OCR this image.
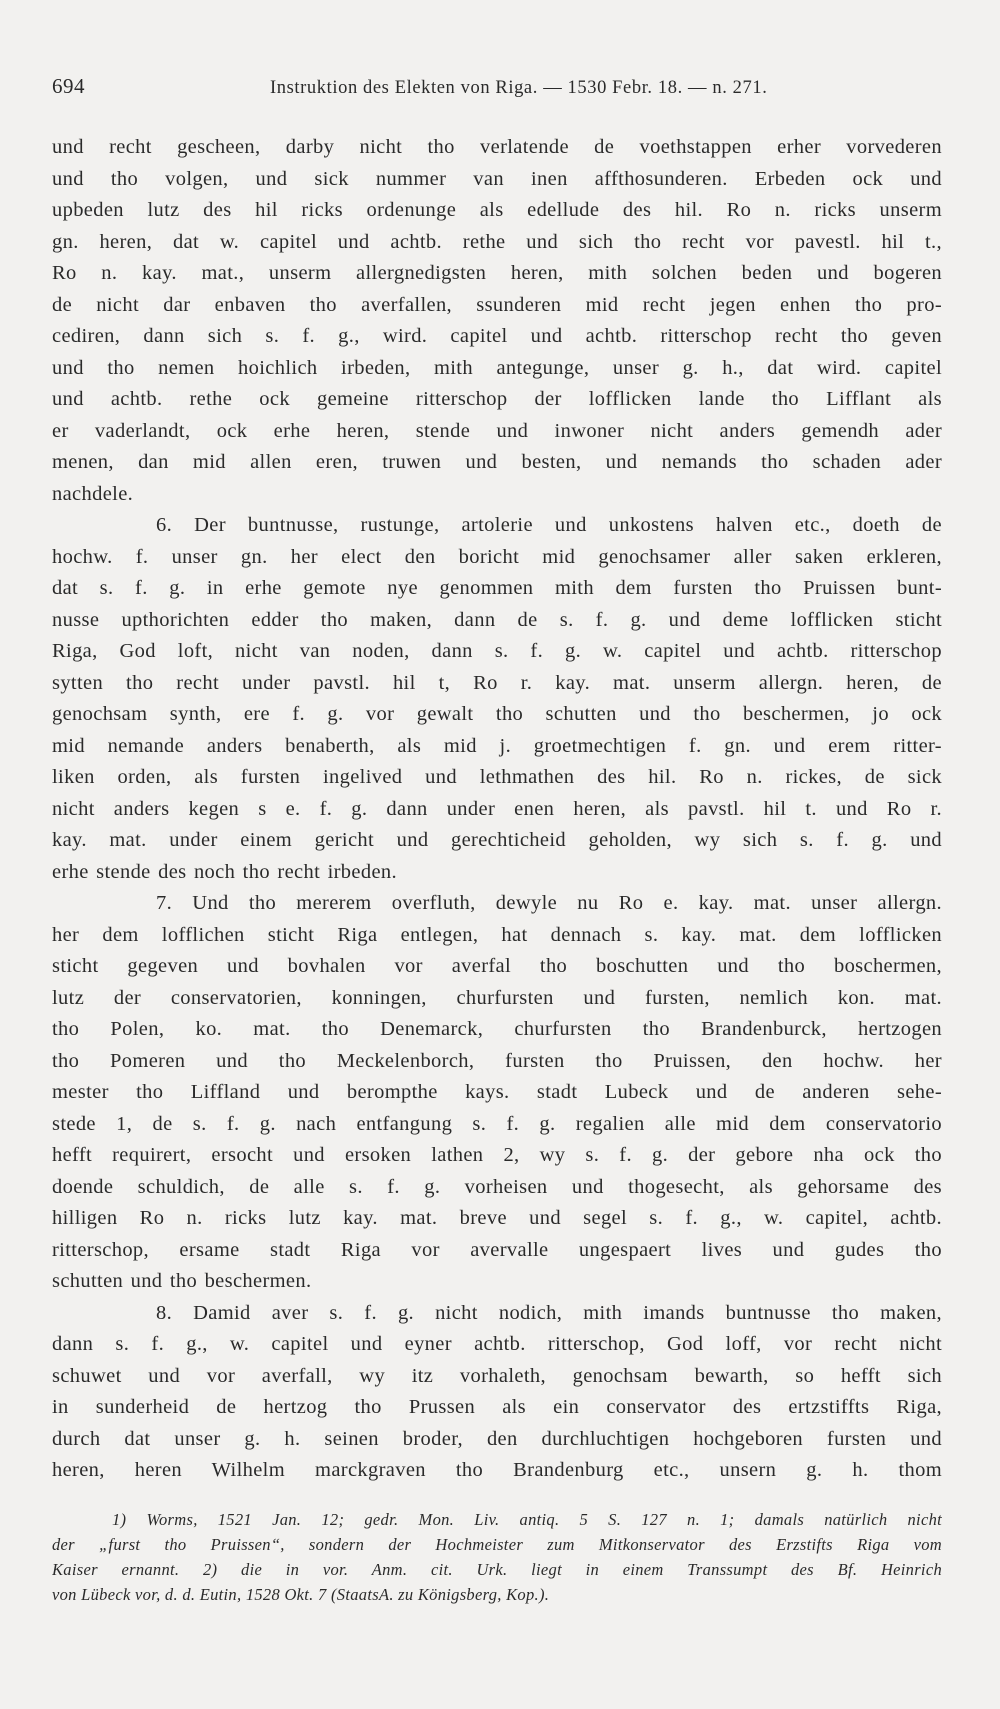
694	Instruktion des Elekten von Riga. — 1530 Febr. 18. — n. 271.
und recht gescheen, darby nicht tho verlatende de voethstappen erher vorvederen
und tho volgen, und sick nummer van inen affthosunderen. Erbeden ock und
upbeden lutz des hil ricks ordenunge als edellude des hil. Ro n. ricks unserm
gn. heren, dat w. capitel und achtb. rethe und sich tho recht vor pavestl. hil t.,
Ro n. kay. mat., unserm allergnedigsten heren, mith solchen beden und bogeren
de nicht dar enbaven tho averfallen, ssunderen mid recht jegen enhen tho pro-
cediren, dann sich s. f. g., wird. capitel und achtb. ritterschop recht tho geven
und tho nemen hoichlich irbeden, mith antegunge, unser g. h., dat wird. capitel
und achtb. rethe ock gemeine ritterschop der lofflicken lande tho Lifflant als
er vaderlandt, ock erhe heren, stende und inwoner nicht anders gemendh ader
menen, dan mid allen eren, truwen und besten, und nemands tho schaden ader
nachdele.
6. Der buntnusse, rustunge, artolerie und unkostens halven etc., doeth de
hochw. f. unser gn. her elect den boricht mid genochsamer aller saken erkleren,
dat s. f. g. in erhe gemote nye genommen mith dem fursten tho Pruissen bunt-
nusse upthorichten edder tho maken, dann de s. f. g. und deme lofflicken sticht
Riga, God loft, nicht van noden, dann s. f. g. w. capitel und achtb. ritterschop
sytten tho recht under pavstl. hil t, Ro r. kay. mat. unserm allergn. heren, de
genochsam synth, ere f. g. vor gewalt tho schutten und tho beschermen, jo ock
mid nemande anders benaberth, als mid j. groetmechtigen f. gn. und erem ritter-
liken orden, als fursten ingelived und lethmathen des hil. Ro n. rickes, de sick
nicht anders kegen s e. f. g. dann under enen heren, als pavstl. hil t. und Ro r.
kay. mat. under einem gericht und gerechticheid geholden, wy sich s. f. g. und
erhe stende des noch tho recht irbeden.
7. Und tho mererem overfluth, dewyle nu Ro e. kay. mat. unser allergn.
her dem lofflichen sticht Riga entlegen, hat dennach s. kay. mat. dem lofflicken
sticht gegeven und bovhalen vor averfal tho boschutten und tho boschermen,
lutz der conservatorien, konningen, churfursten und fursten, nemlich kon. mat.
tho Polen, ko. mat. tho Denemarck, churfursten tho Brandenburck, hertzogen
tho Pomeren und tho Meckelenborch, fursten tho Pruissen, den hochw. her
mester tho Liffland und berompthe kays. stadt Lubeck und de anderen sehe-
stede 1, de s. f. g. nach entfangung s. f. g. regalien alle mid dem conservatorio
hefft requirert, ersocht und ersoken lathen 2, wy s. f. g. der gebore nha ock tho
doende schuldich, de alle s. f. g. vorheisen und thogesecht, als gehorsame des
hilligen Ro n. ricks lutz kay. mat. breve und segel s. f. g., w. capitel, achtb.
ritterschop, ersame stadt Riga vor avervalle ungespaert lives und gudes tho
schutten und tho beschermen.
8. Damid aver s. f. g. nicht nodich, mith imands buntnusse tho maken,
dann s. f. g., w. capitel und eyner achtb. ritterschop, God loff, vor recht nicht
schuwet und vor averfall, wy itz vorhaleth, genochsam bewarth, so hefft sich
in sunderheid de hertzog tho Prussen als ein conservator des ertzstiffts Riga,
durch dat unser g. h. seinen broder, den durchluchtigen hochgeboren fursten und
heren, heren Wilhelm marckgraven tho Brandenburg etc., unsern g. h. thom
1) Worms, 1521 Jan. 12; gedr. Mon. Liv. antiq. 5 S. 127 n. 1; damals natürlich nicht
der „furst tho Pruissen“, sondern der Hochmeister zum Mitkonservator des Erzstifts Riga vom
Kaiser ernannt. 2) die in vor. Anm. cit. Urk. liegt in einem Transsumpt des Bf. Heinrich
von Lübeck vor, d. d. Eutin, 1528 Okt. 7 (StaatsA. zu Königsberg, Kop.).
